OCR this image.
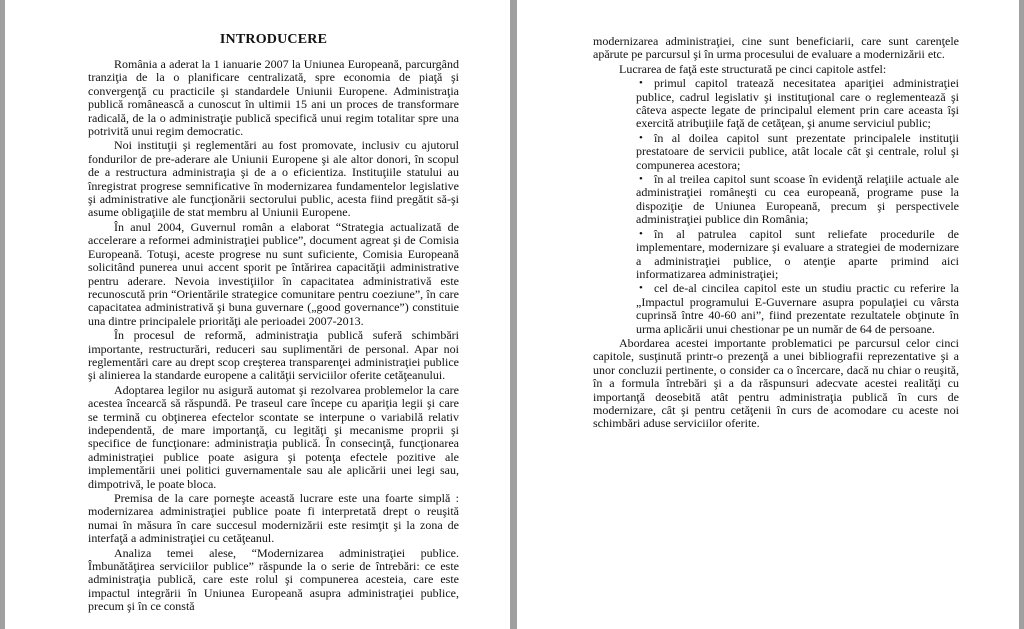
INTRODUCERE

România a aderat la 1 ianuarie 2007 la Uniunea Europeană, parcurgând tranziţia de la o planificare centralizată, spre economia de piaţă şi convergenţă cu practicile şi standardele Uniunii Europene. Administraţia publică românească a cunoscut în ultimii 15 ani un proces de transformare radicală, de la o administraţie publică specifică unui regim totalitar spre una potrivită unui regim democratic.

Noi instituţii şi reglementări au fost promovate, inclusiv cu ajutorul fondurilor de pre-aderare ale Uniunii Europene şi ale altor donori, în scopul de a restructura administraţia şi de a o eficientiza. Instituţiile statului au înregistrat progrese semnificative în modernizarea fundamentelor legislative şi administrative ale funcţionării sectorului public, acesta fiind pregătit să-şi asume obligaţiile de stat membru al Uniunii Europene.

În anul 2004, Guvernul român a elaborat “Strategia actualizată de accelerare a reformei administraţiei publice”, document agreat şi de Comisia Europeană. Totuşi, aceste progrese nu sunt suficiente, Comisia Europeană solicitând punerea unui accent sporit pe întărirea capacităţii administrative pentru aderare. Nevoia investiţiilor în capacitatea administrativă este recunoscută prin “Orientările strategice comunitare pentru coeziune”, în care capacitatea administrativă şi buna guvernare („good governance”) constituie una dintre principalele priorităţi ale perioadei 2007-2013.

În procesul de reformă, administraţia publică suferă schimbări importante, restructurări, reduceri sau suplimentări de personal. Apar noi reglementări care au drept scop creşterea transparenţei administraţiei publice şi alinierea la standarde europene a calităţii serviciilor oferite cetăţeanului.

Adoptarea legilor nu asigură automat şi rezolvarea problemelor la care acestea încearcă să răspundă. Pe traseul care începe cu apariţia legii şi care se termină cu obţinerea efectelor scontate se interpune o variabilă relativ independentă, de mare importanţă, cu legităţi şi mecanisme proprii şi specifice de funcţionare: administraţia publică. În consecinţă, funcţionarea administraţiei publice poate asigura şi potenţa efectele pozitive ale implementării unei politici guvernamentale sau ale aplicării unei legi sau, dimpotrivă, le poate bloca.

Premisa de la care porneşte această lucrare este una foarte simplă : modernizarea administraţiei publice poate fi interpretată drept o reuşită numai în măsura în care succesul modernizării este resimţit şi la zona de interfaţă a administraţiei cu cetăţeanul.

Analiza temei alese, “Modernizarea administraţiei publice. Îmbunătăţirea serviciilor publice” răspunde la o serie de întrebări: ce este administraţia publică, care este rolul şi compunerea acesteia, care este impactul integrării în Uniunea Europeană asupra administraţiei publice, precum şi în ce constă

modernizarea administraţiei, cine sunt beneficiarii, care sunt carenţele apărute pe parcursul şi în urma procesului de evaluare a modernizării etc.

Lucrarea de faţă este structurată pe cinci capitole astfel:

• primul capitol tratează necesitatea apariţiei administraţiei publice, cadrul legislativ şi instituţional care o reglementează şi câteva aspecte legate de principalul element prin care aceasta îşi exercită atribuţiile faţă de cetăţean, şi anume serviciul public;
• în al doilea capitol sunt prezentate principalele instituţii prestatoare de servicii publice, atât locale cât şi centrale, rolul şi compunerea acestora;
• în al treilea capitol sunt scoase în evidenţă relaţiile actuale ale administraţiei româneşti cu cea europeană, programe puse la dispoziţie de Uniunea Europeană, precum şi perspectivele administraţiei publice din România;
• în al patrulea capitol sunt reliefate procedurile de implementare, modernizare şi evaluare a strategiei de modernizare a administraţiei publice, o atenţie aparte primind aici informatizarea administraţiei;
• cel de-al cincilea capitol este un studiu practic cu referire la „Impactul programului E-Guvernare asupra populaţiei cu vârsta cuprinsă între 40-60 ani”, fiind prezentate rezultatele obţinute în urma aplicării unui chestionar pe un număr de 64 de persoane.

Abordarea acestei importante problematici pe parcursul celor cinci capitole, susţinută printr-o prezenţă a unei bibliografii reprezentative şi a unor concluzii pertinente, o consider ca o încercare, dacă nu chiar o reuşită, în a formula întrebări şi a da răspunsuri adecvate acestei realităţi cu importanţă deosebită atât pentru administraţia publică în curs de modernizare, cât şi pentru cetăţenii în curs de acomodare cu aceste noi schimbări aduse serviciilor oferite.
